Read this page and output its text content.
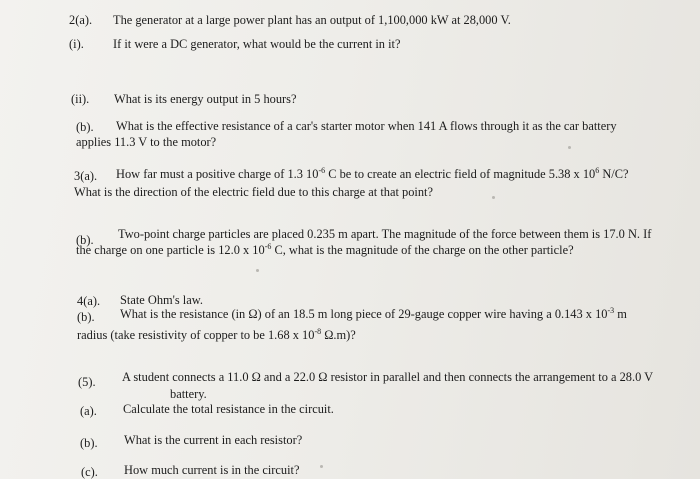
2(a). The generator at a large power plant has an output of 1,100,000 kW at 28,000 V.
(i). If it were a DC generator, what would be the current in it?
(ii). What is its energy output in 5 hours?
(b). What is the effective resistance of a car's starter motor when 141 A flows through it as the car battery
applies 11.3 V to the motor?
3(a). How far must a positive charge of 1.3 $10^{-6}$ C be to create an electric field of magnitude 5.38 x $10^6$ N/C?
What is the direction of the electric field due to this charge at that point?
(b). Two-point charge particles are placed 0.235 m apart. The magnitude of the force between them is 17.0 N. If
the charge on one particle is 12.0 x $10^{-6}$ C, what is the magnitude of the charge on the other particle?
4(a). State Ohm's law.
(b). What is the resistance (in Ω) of an 18.5 m long piece of 29-gauge copper wire having a 0.143 x $10^{-3}$ m
radius (take resistivity of copper to be 1.68 x $10^{-8}$ Ω.m)?
(5). A student connects a 11.0 Ω and a 22.0 Ω resistor in parallel and then connects the arrangement to a 28.0 V
battery.
(a). Calculate the total resistance in the circuit.
(b). What is the current in each resistor?
(c). How much current is in the circuit?
